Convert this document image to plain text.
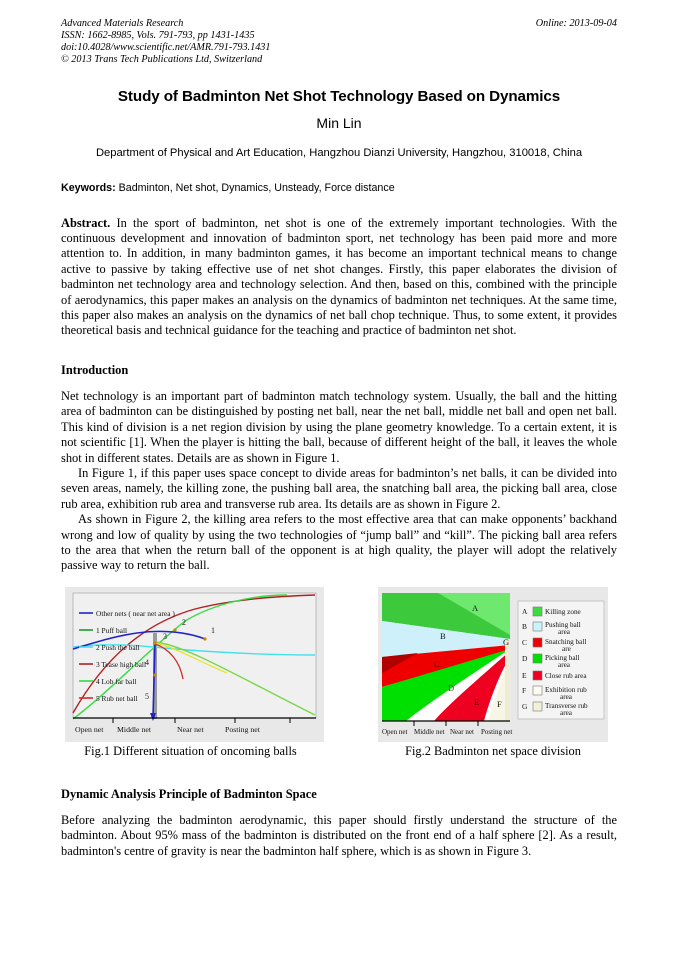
Advanced Materials Research
ISSN: 1662-8985, Vols. 791-793, pp 1431-1435
doi:10.4028/www.scientific.net/AMR.791-793.1431
© 2013 Trans Tech Publications Ltd, Switzerland
Online: 2013-09-04
Study of Badminton Net Shot Technology Based on Dynamics
Min Lin
Department of Physical and Art Education, Hangzhou Dianzi University, Hangzhou, 310018, China
Keywords: Badminton, Net shot, Dynamics, Unsteady, Force distance
Abstract. In the sport of badminton, net shot is one of the extremely important technologies. With the continuous development and innovation of badminton sport, net technology has been paid more and more attention to. In addition, in many badminton games, it has become an important technical means to change active to passive by taking effective use of net shot changes. Firstly, this paper elaborates the division of badminton net technology area and technology selection. And then, based on this, combined with the principle of aerodynamics, this paper makes an analysis on the dynamics of badminton net techniques. At the same time, this paper also makes an analysis on the dynamics of net ball chop technique. Thus, to some extent, it provides theoretical basis and technical guidance for the teaching and practice of badminton net shot.
Introduction
Net technology is an important part of badminton match technology system. Usually, the ball and the hitting area of badminton can be distinguished by posting net ball, near the net ball, middle net ball and open net ball. This kind of division is a net region division by using the plane geometry knowledge. To a certain extent, it is not scientific [1]. When the player is hitting the ball, because of different height of the ball, it leaves the whole shot in different states. Details are as shown in Figure 1.
In Figure 1, if this paper uses space concept to divide areas for badminton’s net balls, it can be divided into seven areas, namely, the killing zone, the pushing ball area, the snatching ball area, the picking ball area, close rub area, exhibition rub area and transverse rub area. Its details are as shown in Figure 2.
As shown in Figure 2, the killing area refers to the most effective area that can make opponents’ backhand wrong and low of quality by using the two technologies of “jump ball” and “kill”. The picking ball area refers to the area that when the return ball of the opponent is at high quality, the player will adopt the relatively passive way to return the ball.
1
2
3
4
5
Other nets ( near net area )
1 Puff ball
2 Push the ball
3 Tease high ball
4 Lob far ball
5 Rub net ball
Open net Middle net	Near net	Posting net
A
B
C
D
E F
G
Open net Middle net Near net Posting net
A Killing zone
B	Pushing ball
area
C	Snatching ball
are
D Picking ball
area
E	Close rub area
F	Exhibition rub
area
G Transverse rub
area
Fig.1 Different situation of oncoming balls	Fig.2 Badminton net space division
Dynamic Analysis Principle of Badminton Space
Before analyzing the badminton aerodynamic, this paper should firstly understand the structure of the badminton. About 95% mass of the badminton is distributed on the front end of a half sphere [2]. As a result, badminton's centre of gravity is near the badminton half sphere, which is as shown in Figure 3.
